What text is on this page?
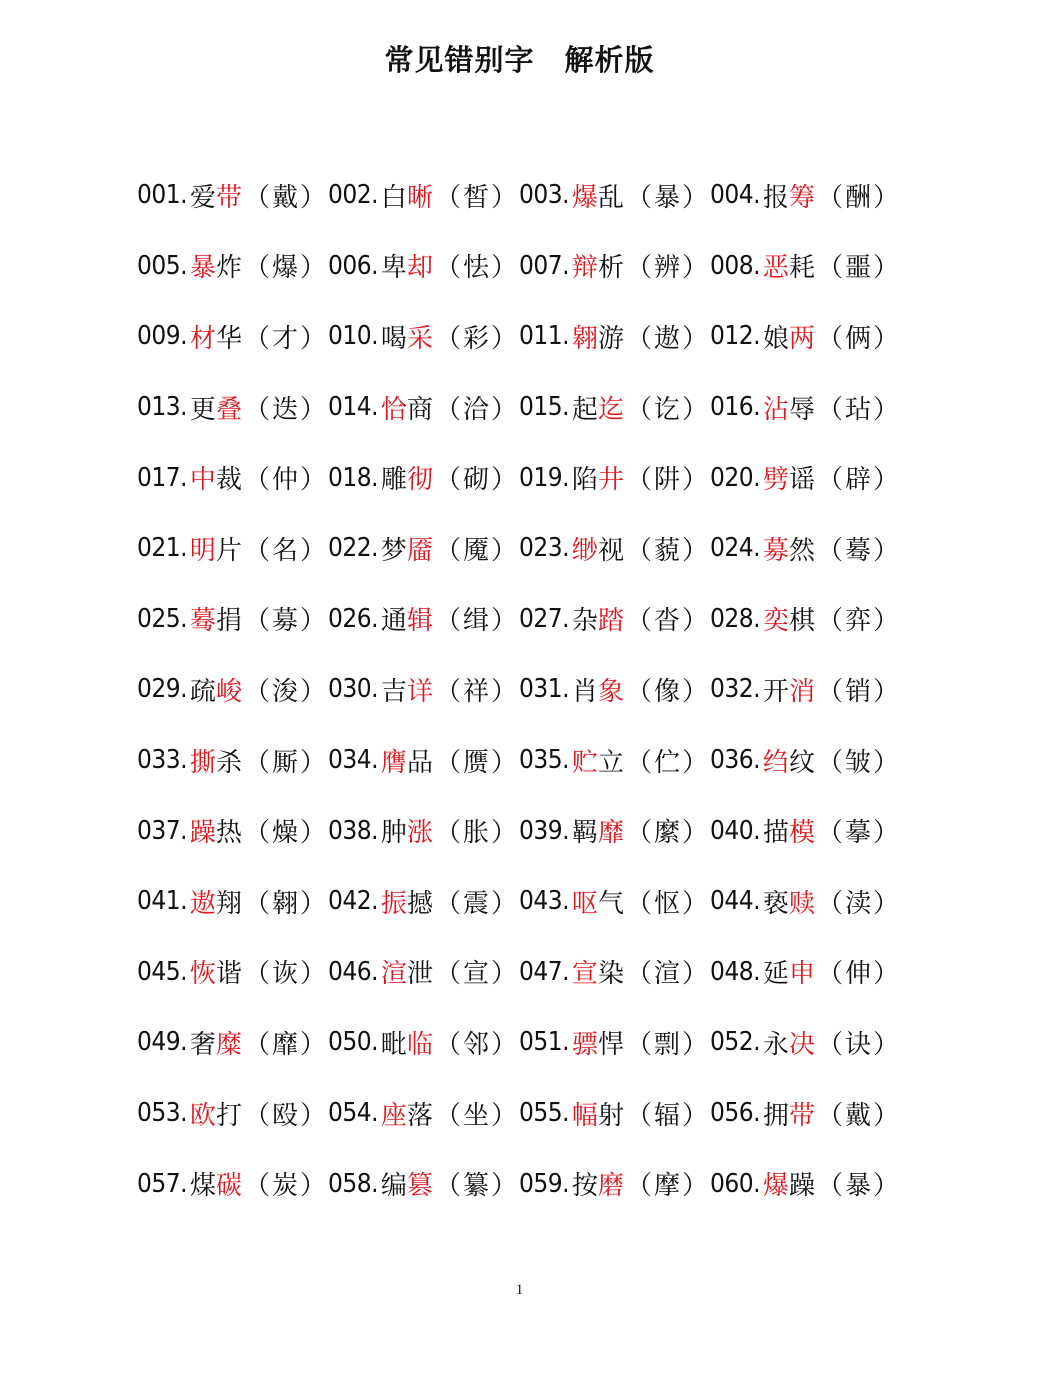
常见错别字　解析版
001. 爱带 （ 戴 ） 002. 白晰 （ 皙 ） 003. 爆乱 （ 暴 ） 004. 报筹 （ 酬 ）
005. 暴炸 （ 爆 ） 006. 卑却 （ 怯 ） 007. 辩析 （ 辨 ） 008. 恶耗 （ 噩 ）
009. 材华 （ 才 ） 010. 喝采 （ 彩 ） 011. 翱游 （ 遨 ） 012. 娘两 （ 俩 ）
013. 更叠 （ 迭 ） 014. 恰商 （ 洽 ） 015. 起迄 （ 讫 ） 016. 沾辱 （ 玷 ）
017. 中裁 （ 仲 ） 018. 雕彻 （ 砌 ） 019. 陷井 （ 阱 ） 020. 劈谣 （ 辟 ）
021. 明片 （ 名 ） 022. 梦靥 （ 魇 ） 023. 缈视 （ 藐 ） 024. 募然 （ 蓦 ）
025. 蓦捐 （ 募 ） 026. 通辑 （ 缉 ） 027. 杂踏 （ 沓 ） 028. 奕棋 （ 弈 ）
029. 疏峻 （ 浚 ） 030. 吉详 （ 祥 ） 031. 肖象 （ 像 ） 032. 开消 （ 销 ）
033. 撕杀 （ 厮 ） 034. 膺品 （ 赝 ） 035. 贮立 （ 伫 ） 036. 绉纹 （ 皱 ）
037. 躁热 （ 燥 ） 038. 肿涨 （ 胀 ） 039. 羁靡 （ 縻 ） 040. 描模 （ 摹 ）
041. 遨翔 （ 翱 ） 042. 振撼 （ 震 ） 043. 呕气 （ 怄 ） 044. 亵赎 （ 渎 ）
045. 恢谐 （ 诙 ） 046. 渲泄 （ 宣 ） 047. 宣染 （ 渲 ） 048. 延申 （ 伸 ）
049. 奢糜 （ 靡 ） 050. 毗临 （ 邻 ） 051. 骠悍 （ 剽 ） 052. 永决 （ 诀 ）
053. 欧打 （ 殴 ） 054. 座落 （ 坐 ） 055. 幅射 （ 辐 ） 056. 拥带 （ 戴 ）
057. 煤碳 （ 炭 ） 058. 编篡 （ 纂 ） 059. 按磨 （ 摩 ） 060. 爆躁 （ 暴 ）
1
